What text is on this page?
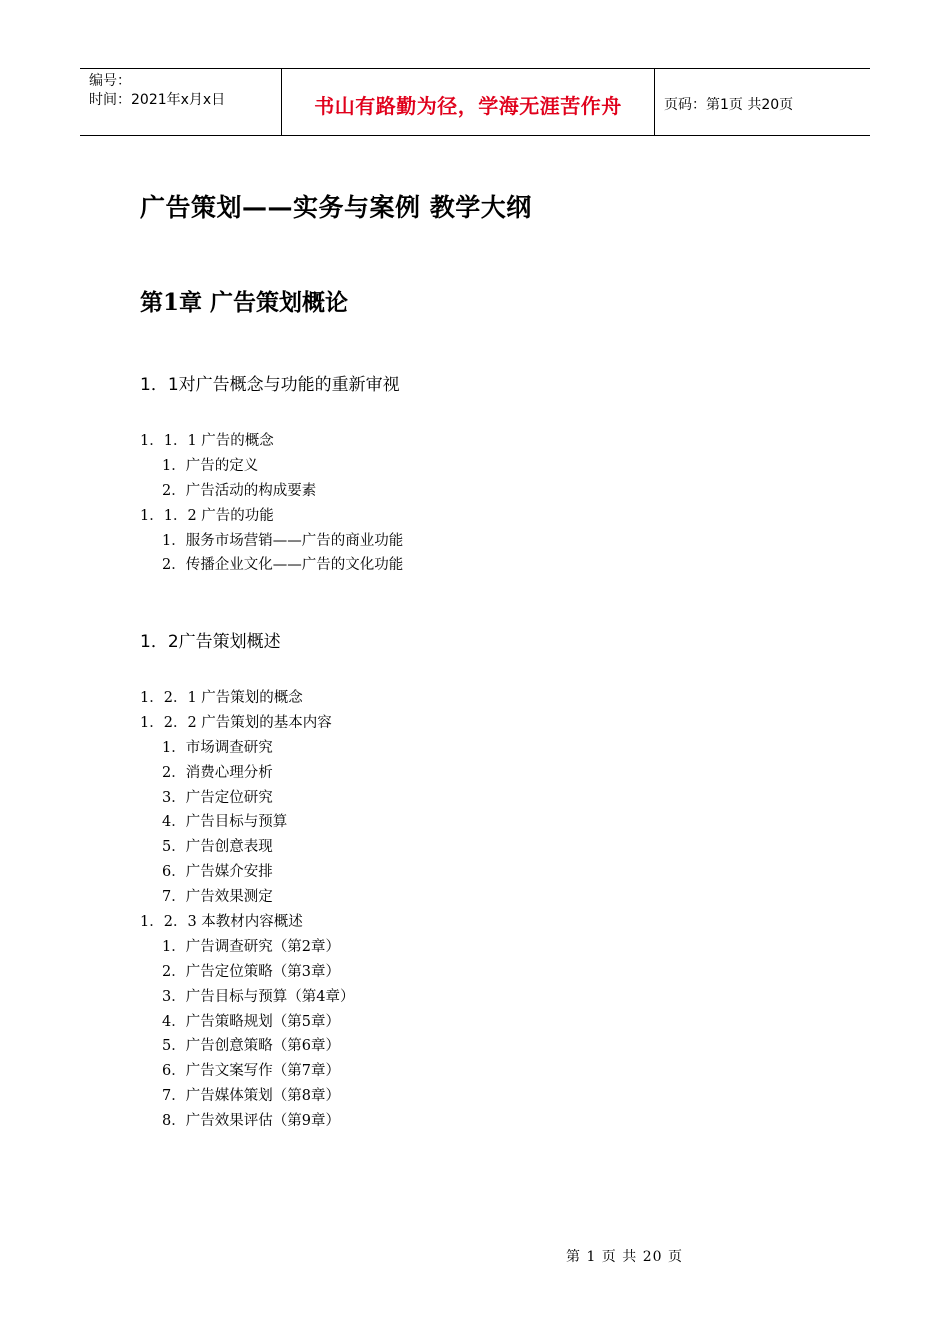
编号：
时间：2021年x月x日	书山有路勤为径，学海无涯苦作舟	页码：第1页 共20页
广告策划——实务与案例 教学大纲
第1章 广告策划概论
1．1对广告概念与功能的重新审视
1．1．1 广告的概念
1．广告的定义
2．广告活动的构成要素
1．1．2 广告的功能
1．服务市场营销——广告的商业功能
2．传播企业文化——广告的文化功能
1．2广告策划概述
1．2．1 广告策划的概念
1．2．2 广告策划的基本内容
1．市场调查研究
2．消费心理分析
3．广告定位研究
4．广告目标与预算
5．广告创意表现
6．广告媒介安排
7．广告效果测定
1．2．3 本教材内容概述
1．广告调查研究（第2章）
2．广告定位策略（第3章）
3．广告目标与预算（第4章）
4．广告策略规划（第5章）
5．广告创意策略（第6章）
6．广告文案写作（第7章）
7．广告媒体策划（第8章）
8．广告效果评估（第9章）
第 1 页 共 20 页
